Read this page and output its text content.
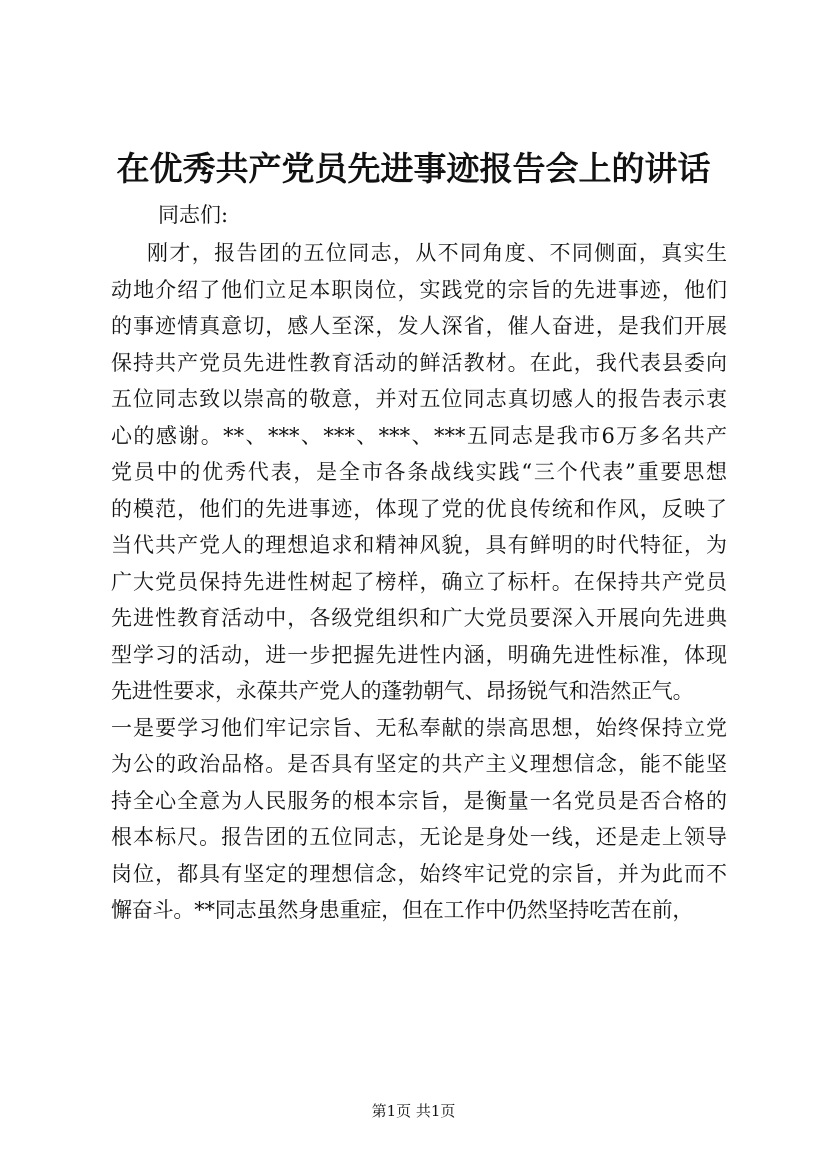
在优秀共产党员先进事迹报告会上的讲话
同志们:
刚才，报告团的五位同志，从不同角度、不同侧面，真实生
动地介绍了他们立足本职岗位，实践党的宗旨的先进事迹，他们
的事迹情真意切，感人至深，发人深省，催人奋进，是我们开展
保持共产党员先进性教育活动的鲜活教材。在此，我代表县委向
五位同志致以崇高的敬意，并对五位同志真切感人的报告表示衷
心的感谢。**、***、***、***、***五同志是我市6万多名共产
党员中的优秀代表，是全市各条战线实践“三个代表”重要思想
的模范，他们的先进事迹，体现了党的优良传统和作风，反映了
当代共产党人的理想追求和精神风貌，具有鲜明的时代特征，为
广大党员保持先进性树起了榜样，确立了标杆。在保持共产党员
先进性教育活动中，各级党组织和广大党员要深入开展向先进典
型学习的活动，进一步把握先进性内涵，明确先进性标准，体现
先进性要求，永葆共产党人的蓬勃朝气、昂扬锐气和浩然正气。
一是要学习他们牢记宗旨、无私奉献的崇高思想，始终保持立党
为公的政治品格。是否具有坚定的共产主义理想信念，能不能坚
持全心全意为人民服务的根本宗旨，是衡量一名党员是否合格的
根本标尺。报告团的五位同志，无论是身处一线，还是走上领导
岗位，都具有坚定的理想信念，始终牢记党的宗旨，并为此而不
懈奋斗。**同志虽然身患重症，但在工作中仍然坚持吃苦在前，
第1页 共1页
